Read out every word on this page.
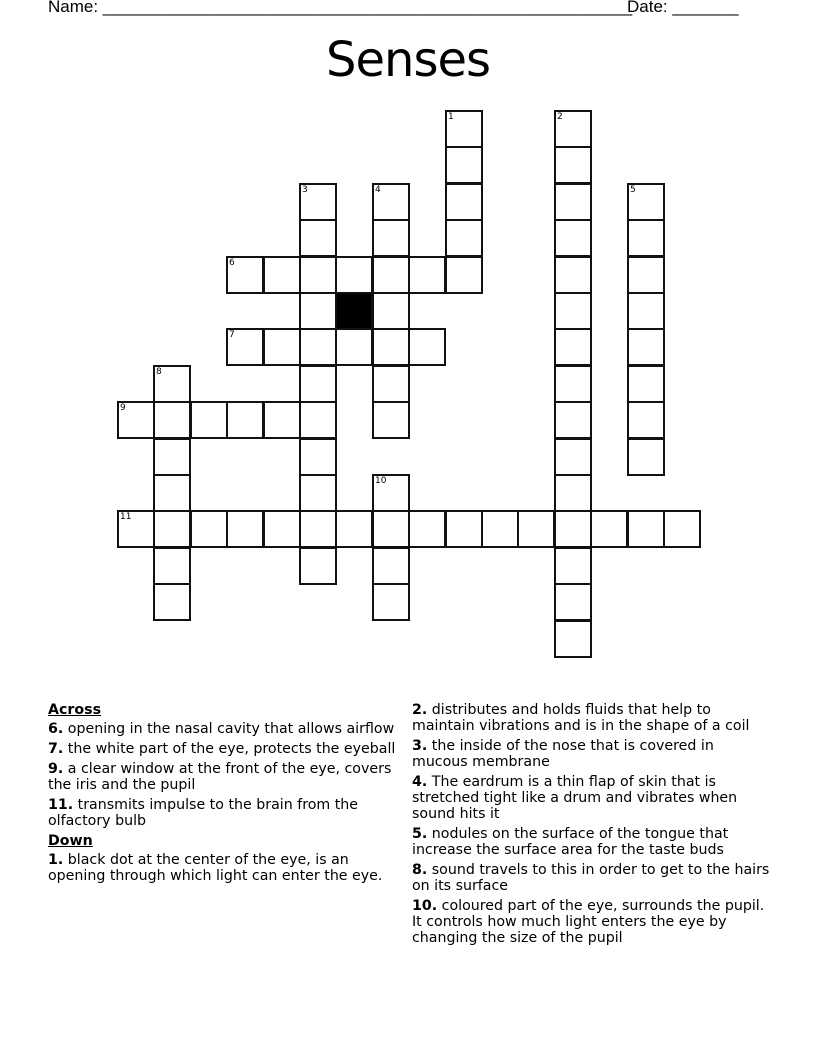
Name: ________________________________________________________
Date: _______
Senses
6
7
9
11
1	2
3	4	5
8
10
Across
6. opening in the nasal cavity that allows airflow
7. the white part of the eye, protects the eyeball
9. a clear window at the front of the eye, covers the iris and the pupil
11. transmits impulse to the brain from the olfactory bulb
Down
1. black dot at the center of the eye, is an opening through which light can enter the eye.
2. distributes and holds fluids that help to maintain vibrations and is in the shape of a coil
3. the inside of the nose that is covered in mucous membrane
4. The eardrum is a thin flap of skin that is stretched tight like a drum and vibrates when sound hits it
5. nodules on the surface of the tongue that increase the surface area for the taste buds
8. sound travels to this in order to get to the hairs on its surface
10. coloured part of the eye, surrounds the pupil. It controls how much light enters the eye by changing the size of the pupil
